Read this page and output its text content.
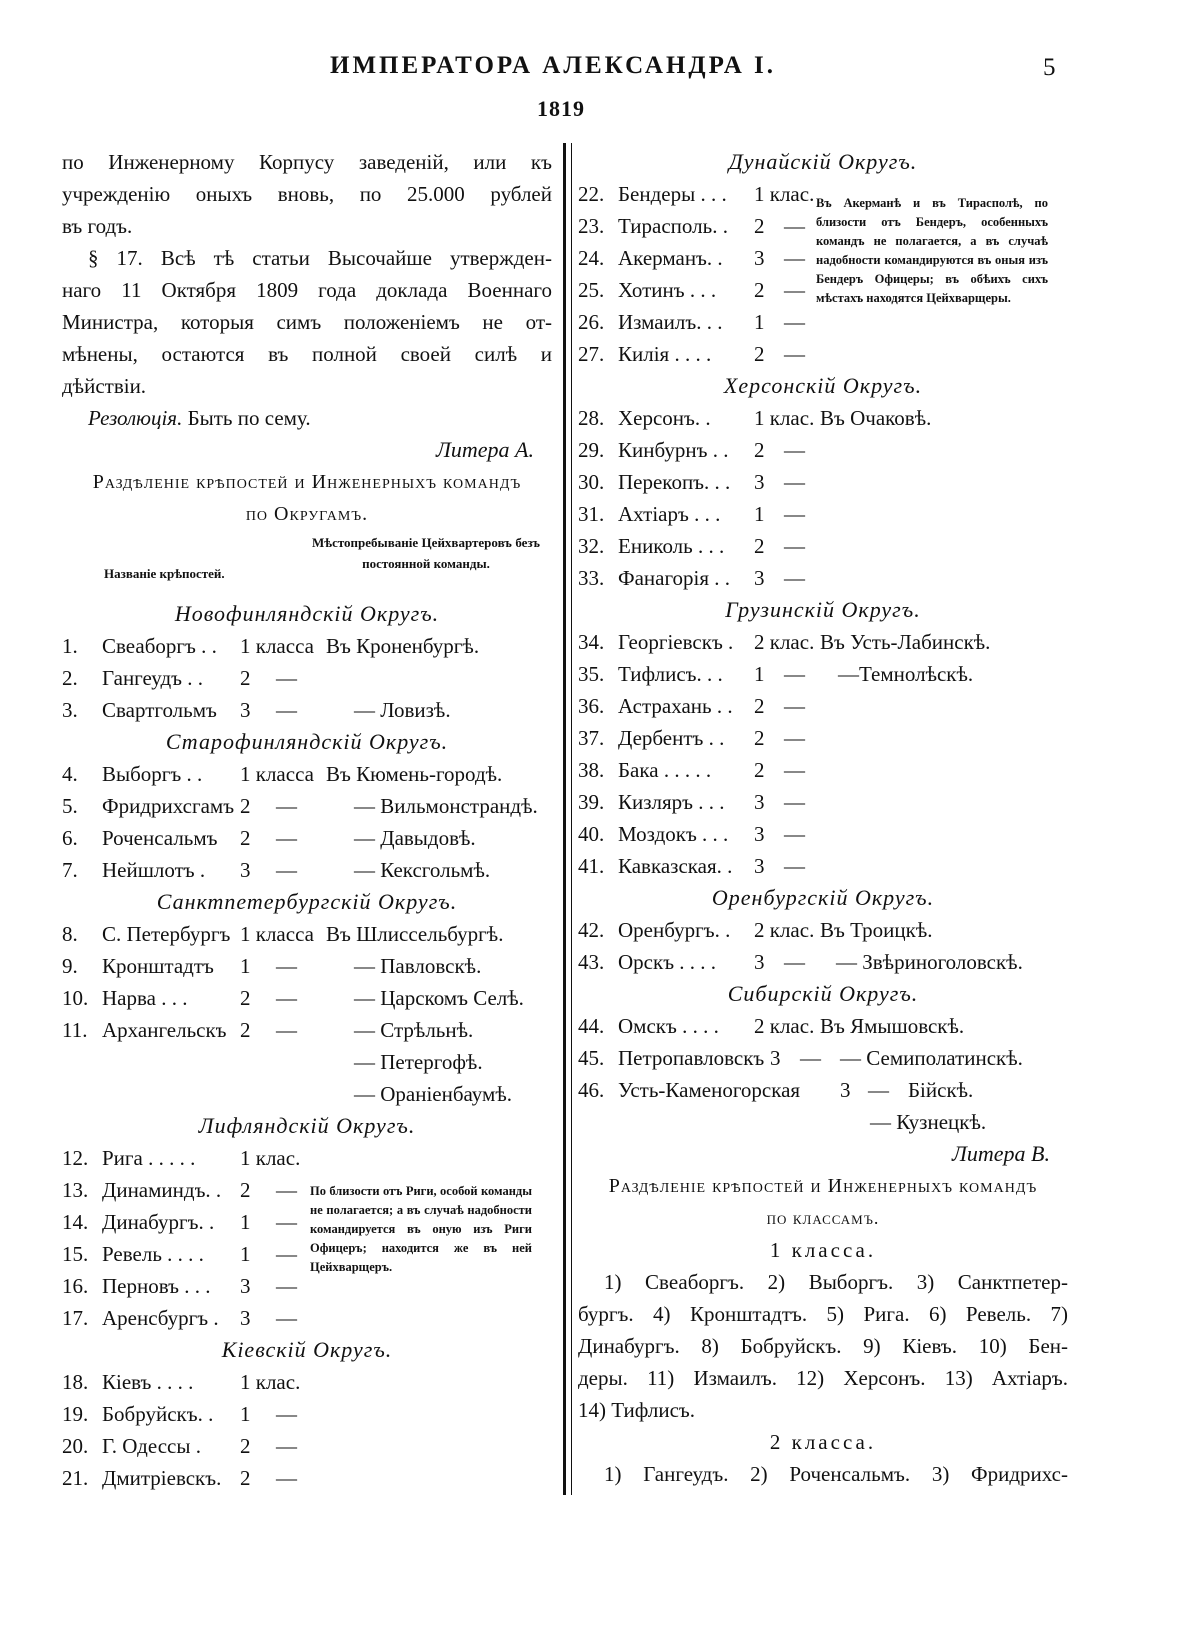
ИМПЕРАТОРА АЛЕКСАНДРА I.	5
1819
по Инженерному Корпусу заведеній, или къ
учрежденію оныхъ вновь, по 25.000 рублей
въ годъ.
§ 17. Всѣ тѣ статьи Высочайше утвержден-
наго 11 Октября 1809 года доклада Военнаго
Министра, которыя симъ положеніемъ не от-
мѣнены, остаются въ полной своей силѣ и
дѣйствіи.
Резолюція. Быть по сему.
Литера А.
Раздѣленіе крѣпостей и Инженерныхъ командъ
по Округамъ.
Названіе крѣпостей.
Мѣстопребываніе Цейхвартеровъ безъ постоянной команды.
Новофинляндскій Округъ.
1. Свеаборгъ . . 1 класса Въ Кроненбургѣ.
2. Гангеудъ . . 2 —
3. Свартгольмъ 3 —	— Ловизѣ.
Старофинляндскій Округъ.
4. Выборгъ . . 1 класса Въ Кюмень-городѣ.
5. Фридрихсгамъ 2 —	— Вильмонстрандѣ.
6. Роченсальмъ 2 —	— Давыдовѣ.
7. Нейшлотъ . 3 —	— Кексгольмѣ.
Санктпетербургскій Округъ.
8. С. Петербургъ 1 класса Въ Шлиссельбургѣ.
9. Кронштадтъ 1 —	— Павловскѣ.
10. Нарва . . .	2 —	— Царскомъ Селѣ.
11. Архангельскъ 2 —	— Стрѣльнѣ.
— Петергофѣ.
— Ораніенбаумѣ.
Лифляндскій Округъ.
12. Рига . . . . . 1 клас.
13. Динаминдъ. . 2 —
14. Динабургъ. . 1 —
15. Ревель . . . . 1 —
16. Перновъ . . . 3 —
17. Аренсбургъ . 3 —
По близости отъ Риги, особой команды не полагается; а въ случаѣ надобности командируется въ оную изъ Риги Офицеръ; находится же въ ней Цейхварщеръ.
Кіевскій Округъ.
18. Кіевъ . . . . 1 клас.
19. Бобруйскъ. . 1 —
20. Г. Одессы . 2 —
21. Дмитріевскъ. 2 —
Дунайскій Округъ.
22. Бендеры . . . 1 клас.
23. Тирасполь. . 2 —
24. Акерманъ. . 3 —
25. Хотинъ . . . 2 —
26. Измаилъ. . . 1 —
27. Килія . . . . 2 —
Въ Акерманѣ и въ Тирасполѣ, по близости отъ Бендеръ, особенныхъ командъ не полагается, а въ случаѣ надобности командируются въ оныя изъ Бендеръ Офицеры; въ обѣихъ сихъ мѣстахъ находятся Цейхварщеры.
Херсонскій Округъ.
28. Херсонъ. . 1 клас. Въ Очаковѣ.
29. Кинбурнъ . . 2 —
30. Перекопъ. . . 3 —
31. Ахтіаръ . . . 1 —
32. Ениколь . . . 2 —
33. Фанагорія . . 3 —
Грузинскій Округъ.
34. Георгіевскъ . 2 клас. Въ Усть-Лабинскѣ.
35. Тифлисъ. . . 1 — —Темнолѣскѣ.
36. Астрахань . . 2 —
37. Дербентъ . . 2 —
38. Бака . . . . . 2 —
39. Кизляръ . . . 3 —
40. Моздокъ . . . 3 —
41. Кавказская. . 3 —
Оренбургскій Округъ.
42. Оренбургъ. . 2 клас. Въ Троицкѣ.
43. Орскъ . . . . 3 — — Звѣриноголовскѣ.
Сибирскій Округъ.
44. Омскъ . . . . 2 клас. Въ Ямышовскѣ.
45. Петропавловскъ 3 — — Семиполатинскѣ.
46. Усть-Каменогорская 3 — Бійскѣ.
— Кузнецкѣ.
Литера В.
Раздѣленіе крѣпостей и Инженерныхъ командъ
по классамъ.
1 класса.
1) Свеаборгъ. 2) Выборгъ. 3) Санктпетер-
бургъ. 4) Кронштадтъ. 5) Рига. 6) Ревель. 7)
Динабургъ. 8) Бобруйскъ. 9) Кіевъ. 10) Бен-
деры. 11) Измаилъ. 12) Херсонъ. 13) Ахтіаръ.
14) Тифлисъ.
2 класса.
1) Гангеудъ. 2) Роченсальмъ. 3) Фридрихс-
